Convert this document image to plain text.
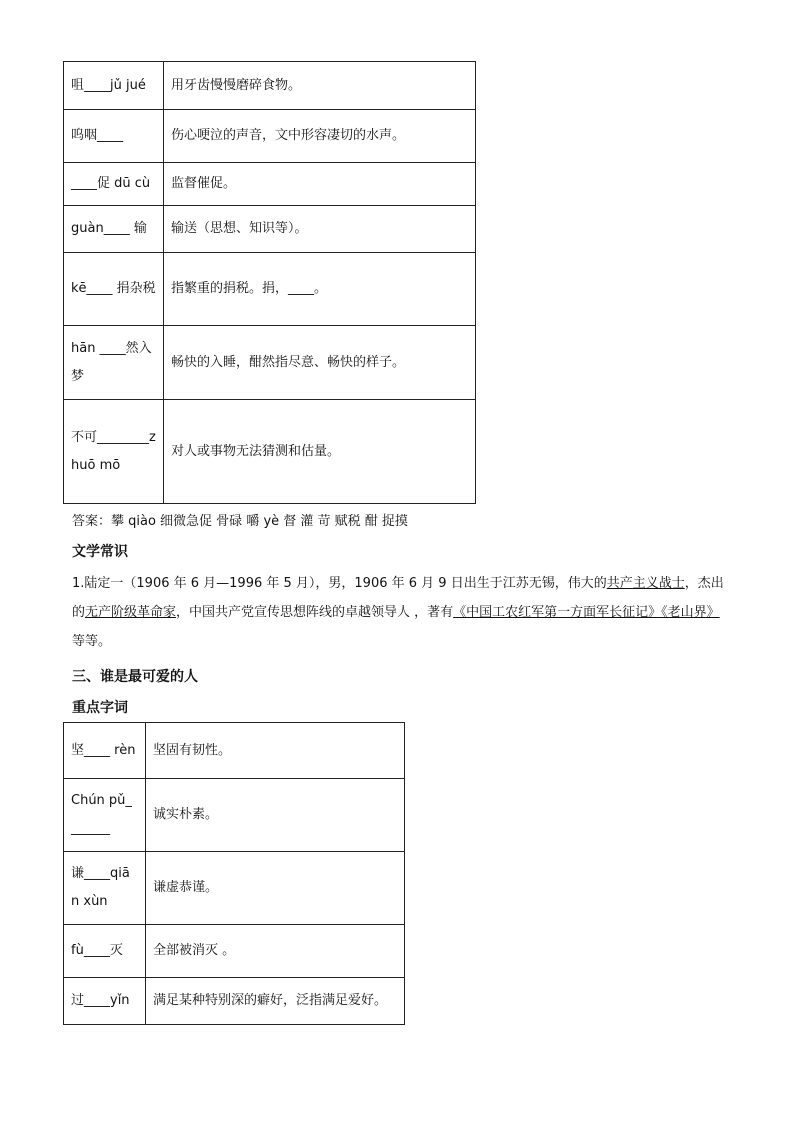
咀____jǔ jué	用牙齿慢慢磨碎食物。
呜咽____	伤心哽泣的声音，文中形容凄切的水声。
____促 dū cù	监督催促。
guàn____ 输	输送（思想、知识等）。
kē____ 捐杂税	指繁重的捐税。捐，____。
hān ____然入梦	畅快的入睡，酣然指尽意、畅快的样子。
不可________zhuō mō	对人或事物无法猜测和估量。
答案：攀 qiào 细微急促 骨碌 嚼 yè 督 灌 苛 赋税 酣 捉摸
文学常识
1.陆定一（1906 年 6 月—1996 年 5 月），男，1906 年 6 月 9 日出生于江苏无锡，伟大的共产主义战士，杰出的无产阶级革命家，中国共产党宣传思想阵线的卓越领导人 ，著有《中国工农红军第一方面军长征记》《老山界》等等。
三、谁是最可爱的人
重点字词
坚____ rèn	坚固有韧性。
Chún pǔ_______	诚实朴素。
谦____qiān xùn	谦虚恭谨。
fù____灭	全部被消灭 。
过____yǐn	满足某种特别深的癖好，泛指满足爱好。
